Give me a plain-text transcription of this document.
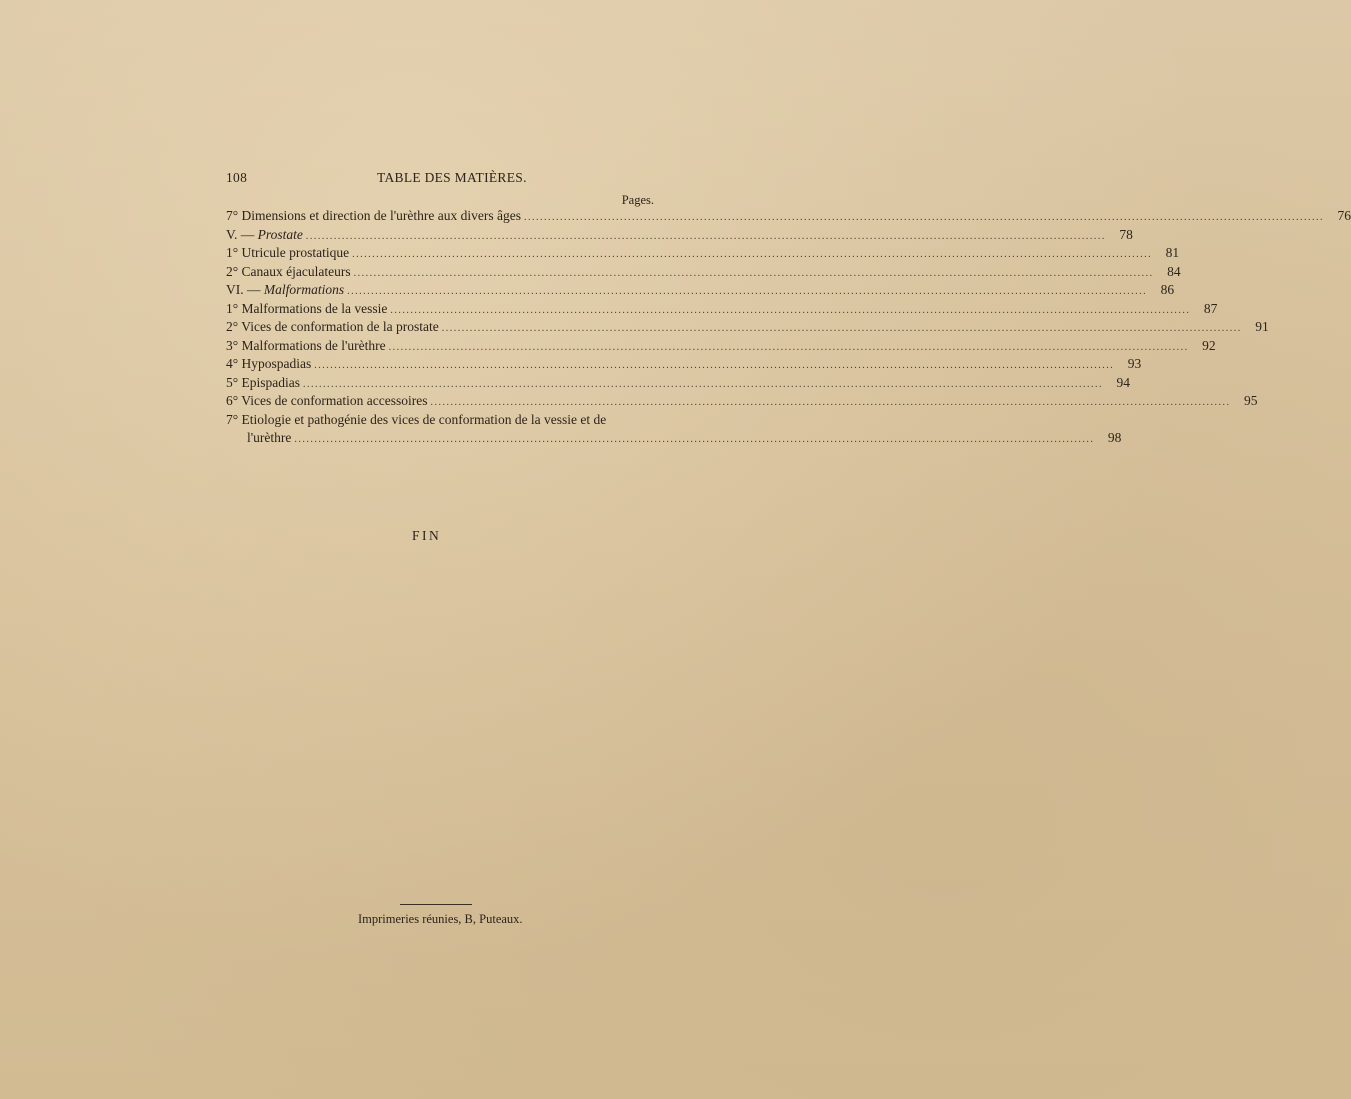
108	TABLE DES MATIÈRES.
Pages.
7° Dimensions et direction de l'urèthre aux divers âges ........................................................................................................................................................................................................	76
V. — Prostate ........................................................................................................................................................................................................	78
1° Utricule prostatique ........................................................................................................................................................................................................	81
2° Canaux éjaculateurs ........................................................................................................................................................................................................	84
VI. — Malformations ........................................................................................................................................................................................................	86
1° Malformations de la vessie ........................................................................................................................................................................................................	87
2° Vices de conformation de la prostate ........................................................................................................................................................................................................	91
3° Malformations de l'urèthre ........................................................................................................................................................................................................	92
4° Hypospadias ........................................................................................................................................................................................................	93
5° Epispadias ........................................................................................................................................................................................................	94
6° Vices de conformation accessoires ........................................................................................................................................................................................................	95
7° Etiologie et pathogénie des vices de conformation de la vessie et de
l'urèthre ........................................................................................................................................................................................................	98
FIN
Imprimeries réunies, B, Puteaux.
